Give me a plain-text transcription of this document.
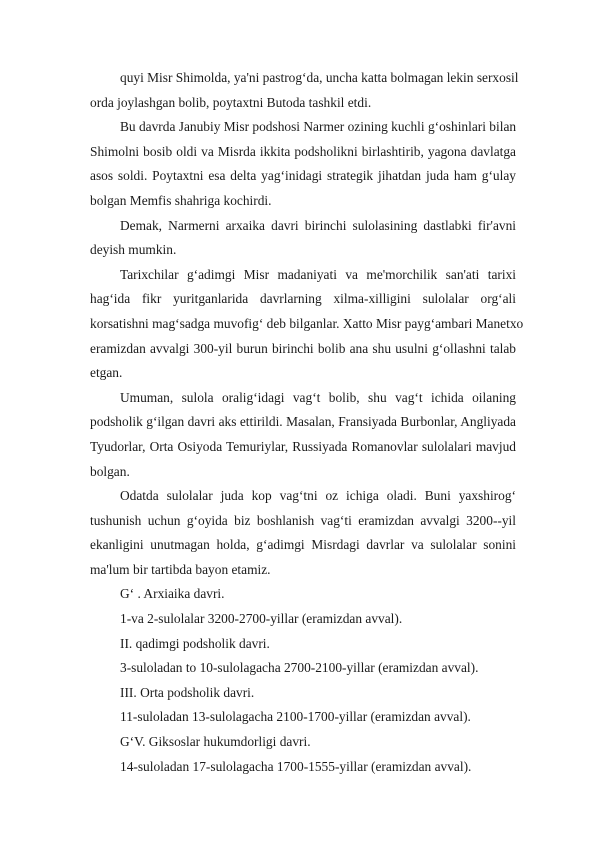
quyi Misr Shimolda, ya'ni pastrog‘da, uncha katta bolmagan lekin serxosil
orda joylashgan bolib, poytaxtni Butoda tashkil etdi.
Bu davrda Janubiy Misr podshosi Narmer ozining kuchli g‘oshinlari bilan
Shimolni bosib oldi va Misrda ikkita podsholikni birlashtirib, yagona davlatga
asos soldi. Poytaxtni esa delta yag‘inidagi strategik jihatdan juda ham g‘ulay
bolgan Memfis shahriga kochirdi.
Demak, Narmerni arxaika davri birinchi sulolasining dastlabki fir'avni
deyish mumkin.
Tarixchilar g‘adimgi Misr madaniyati va me'morchilik san'ati tarixi
hag‘ida fikr yuritganlarida davrlarning xilma-xilligini sulolalar org‘ali
korsatishni mag‘sadga muvofig‘ deb bilganlar. Xatto Misr payg‘ambari Manetxo
eramizdan avvalgi 300-yil burun birinchi bolib ana shu usulni g‘ollashni talab
etgan.
Umuman, sulola oralig‘idagi vag‘t bolib, shu vag‘t ichida oilaning
podsholik g‘ilgan davri aks ettirildi. Masalan, Fransiyada Burbonlar, Angliyada
Tyudorlar, Orta Osiyoda Temuriylar, Russiyada Romanovlar sulolalari mavjud
bolgan.
Odatda sulolalar juda kop vag‘tni oz ichiga oladi. Buni yaxshirog‘
tushunish uchun g‘oyida biz boshlanish vag‘ti eramizdan avvalgi 3200--yil
ekanligini unutmagan holda, g‘adimgi Misrdagi davrlar va sulolalar sonini
ma'lum bir tartibda bayon etamiz.
G‘ . Arxiaika davri.
1-va 2-sulolalar 3200-2700-yillar (eramizdan avval).
II. qadimgi podsholik davri.
3-suloladan to 10-sulolagacha 2700-2100-yillar (eramizdan avval).
III. Orta podsholik davri.
11-suloladan 13-sulolagacha 2100-1700-yillar (eramizdan avval).
G‘V. Giksoslar hukumdorligi davri.
14-suloladan 17-sulolagacha 1700-1555-yillar (eramizdan avval).
